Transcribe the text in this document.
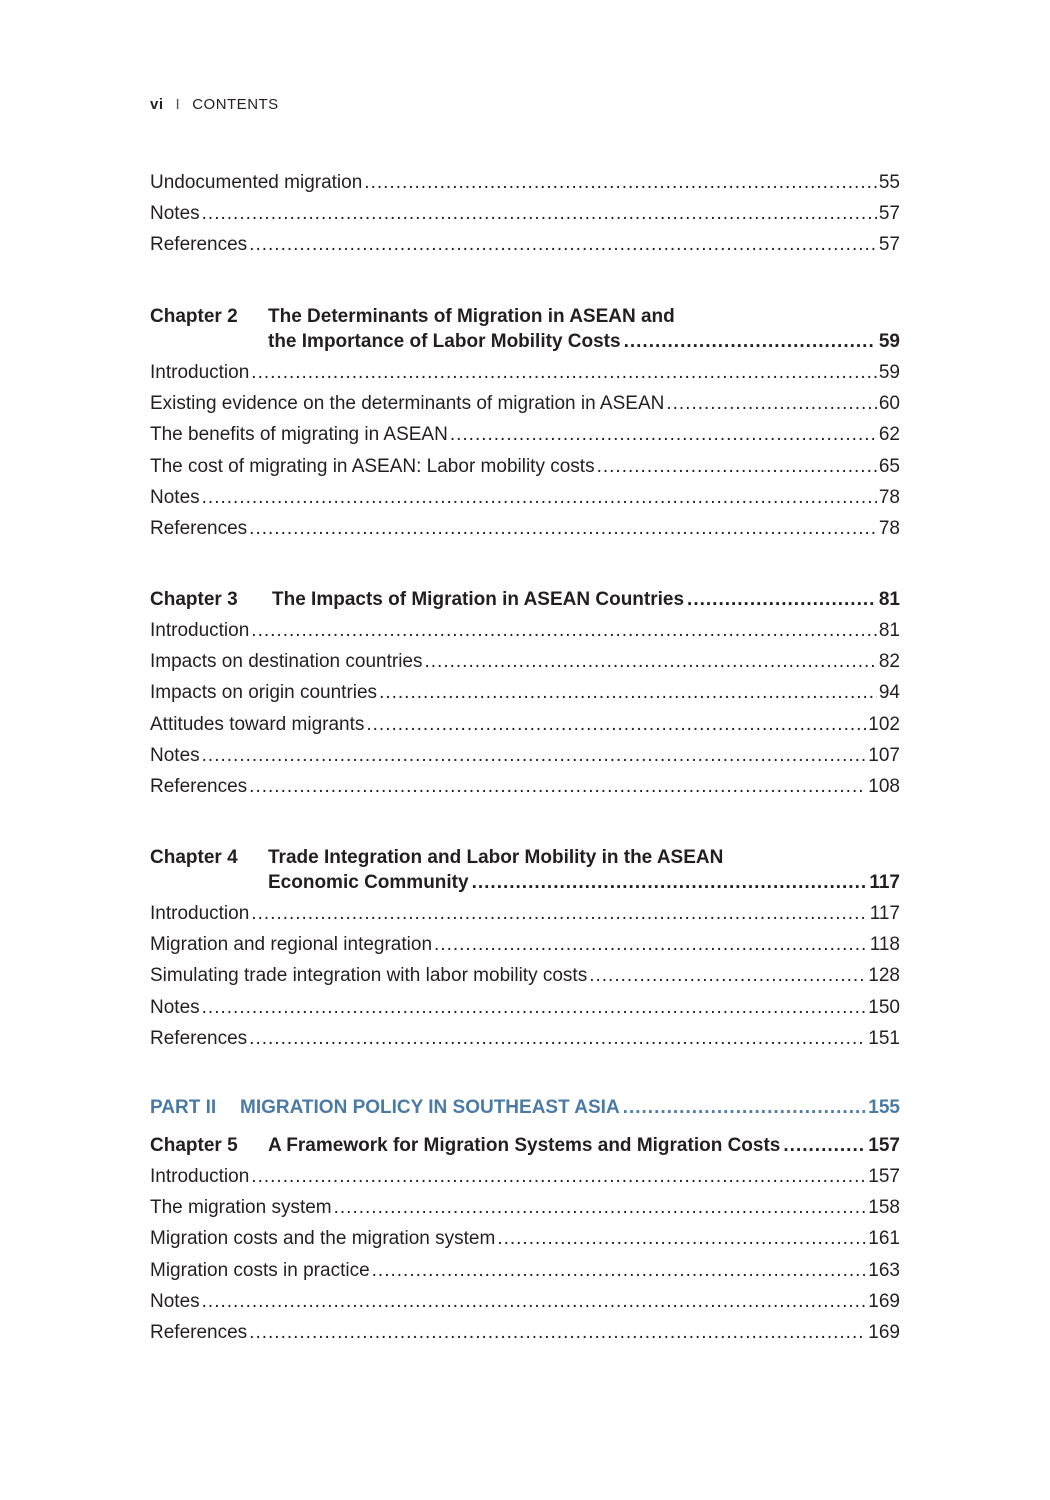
vi I CONTENTS
Undocumented migration .....	55
Notes .....	57
References .....	57
Chapter 2	The Determinants of Migration in ASEAN and
the Importance of Labor Mobility Costs .....	59
Introduction .....	59
Existing evidence on the determinants of migration in ASEAN .....	60
The benefits of migrating in ASEAN .....	62
The cost of migrating in ASEAN: Labor mobility costs .....	65
Notes .....	78
References .....	78
Chapter 3	The Impacts of Migration in ASEAN Countries .....	81
Introduction .....	81
Impacts on destination countries .....	82
Impacts on origin countries .....	94
Attitudes toward migrants .....	102
Notes .....	107
References .....	108
Chapter 4	Trade Integration and Labor Mobility in the ASEAN
Economic Community .....	117
Introduction .....	117
Migration and regional integration .....	118
Simulating trade integration with labor mobility costs .....	128
Notes .....	150
References .....	151
PART II	MIGRATION POLICY IN SOUTHEAST ASIA .....	155
Chapter 5	A Framework for Migration Systems and Migration Costs .....	157
Introduction .....	157
The migration system .....	158
Migration costs and the migration system .....	161
Migration costs in practice .....	163
Notes .....	169
References .....	169
